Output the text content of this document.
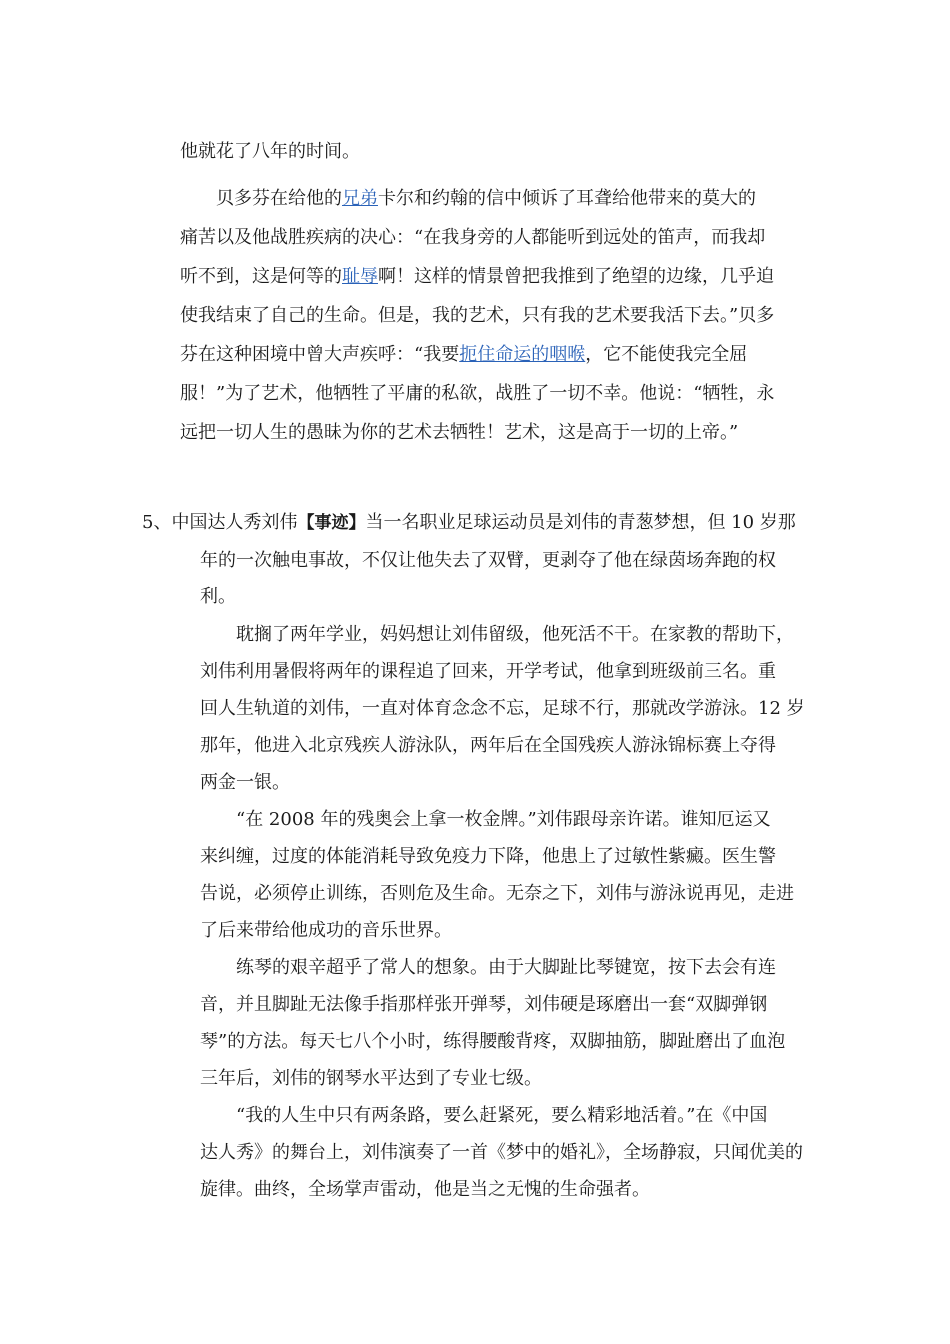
他就花了八年的时间。
贝多芬在给他的兄弟卡尔和约翰的信中倾诉了耳聋给他带来的莫大的
痛苦以及他战胜疾病的决心：“在我身旁的人都能听到远处的笛声，而我却
听不到，这是何等的耻辱啊！这样的情景曾把我推到了绝望的边缘，几乎迫
使我结束了自己的生命。但是，我的艺术，只有我的艺术要我活下去。”贝多
芬在这种困境中曾大声疾呼：“我要扼住命运的咽喉，它不能使我完全屈
服！”为了艺术，他牺牲了平庸的私欲，战胜了一切不幸。他说：“牺牲，永
远把一切人生的愚昧为你的艺术去牺牲！艺术，这是高于一切的上帝。”
5、中国达人秀刘伟【事迹】当一名职业足球运动员是刘伟的青葱梦想，但 10 岁那
年的一次触电事故，不仅让他失去了双臂，更剥夺了他在绿茵场奔跑的权
利。
耽搁了两年学业，妈妈想让刘伟留级，他死活不干。在家教的帮助下，
刘伟利用暑假将两年的课程追了回来，开学考试，他拿到班级前三名。重
回人生轨道的刘伟，一直对体育念念不忘，足球不行，那就改学游泳。12 岁
那年，他进入北京残疾人游泳队，两年后在全国残疾人游泳锦标赛上夺得
两金一银。
“在 2008 年的残奥会上拿一枚金牌。”刘伟跟母亲许诺。谁知厄运又
来纠缠，过度的体能消耗导致免疫力下降，他患上了过敏性紫癜。医生警
告说，必须停止训练，否则危及生命。无奈之下，刘伟与游泳说再见，走进
了后来带给他成功的音乐世界。
练琴的艰辛超乎了常人的想象。由于大脚趾比琴键宽，按下去会有连
音，并且脚趾无法像手指那样张开弹琴，刘伟硬是琢磨出一套“双脚弹钢
琴”的方法。每天七八个小时，练得腰酸背疼，双脚抽筋，脚趾磨出了血泡
三年后，刘伟的钢琴水平达到了专业七级。
“我的人生中只有两条路，要么赶紧死，要么精彩地活着。”在《中国
达人秀》的舞台上，刘伟演奏了一首《梦中的婚礼》，全场静寂，只闻优美的
旋律。曲终，全场掌声雷动，他是当之无愧的生命强者。
